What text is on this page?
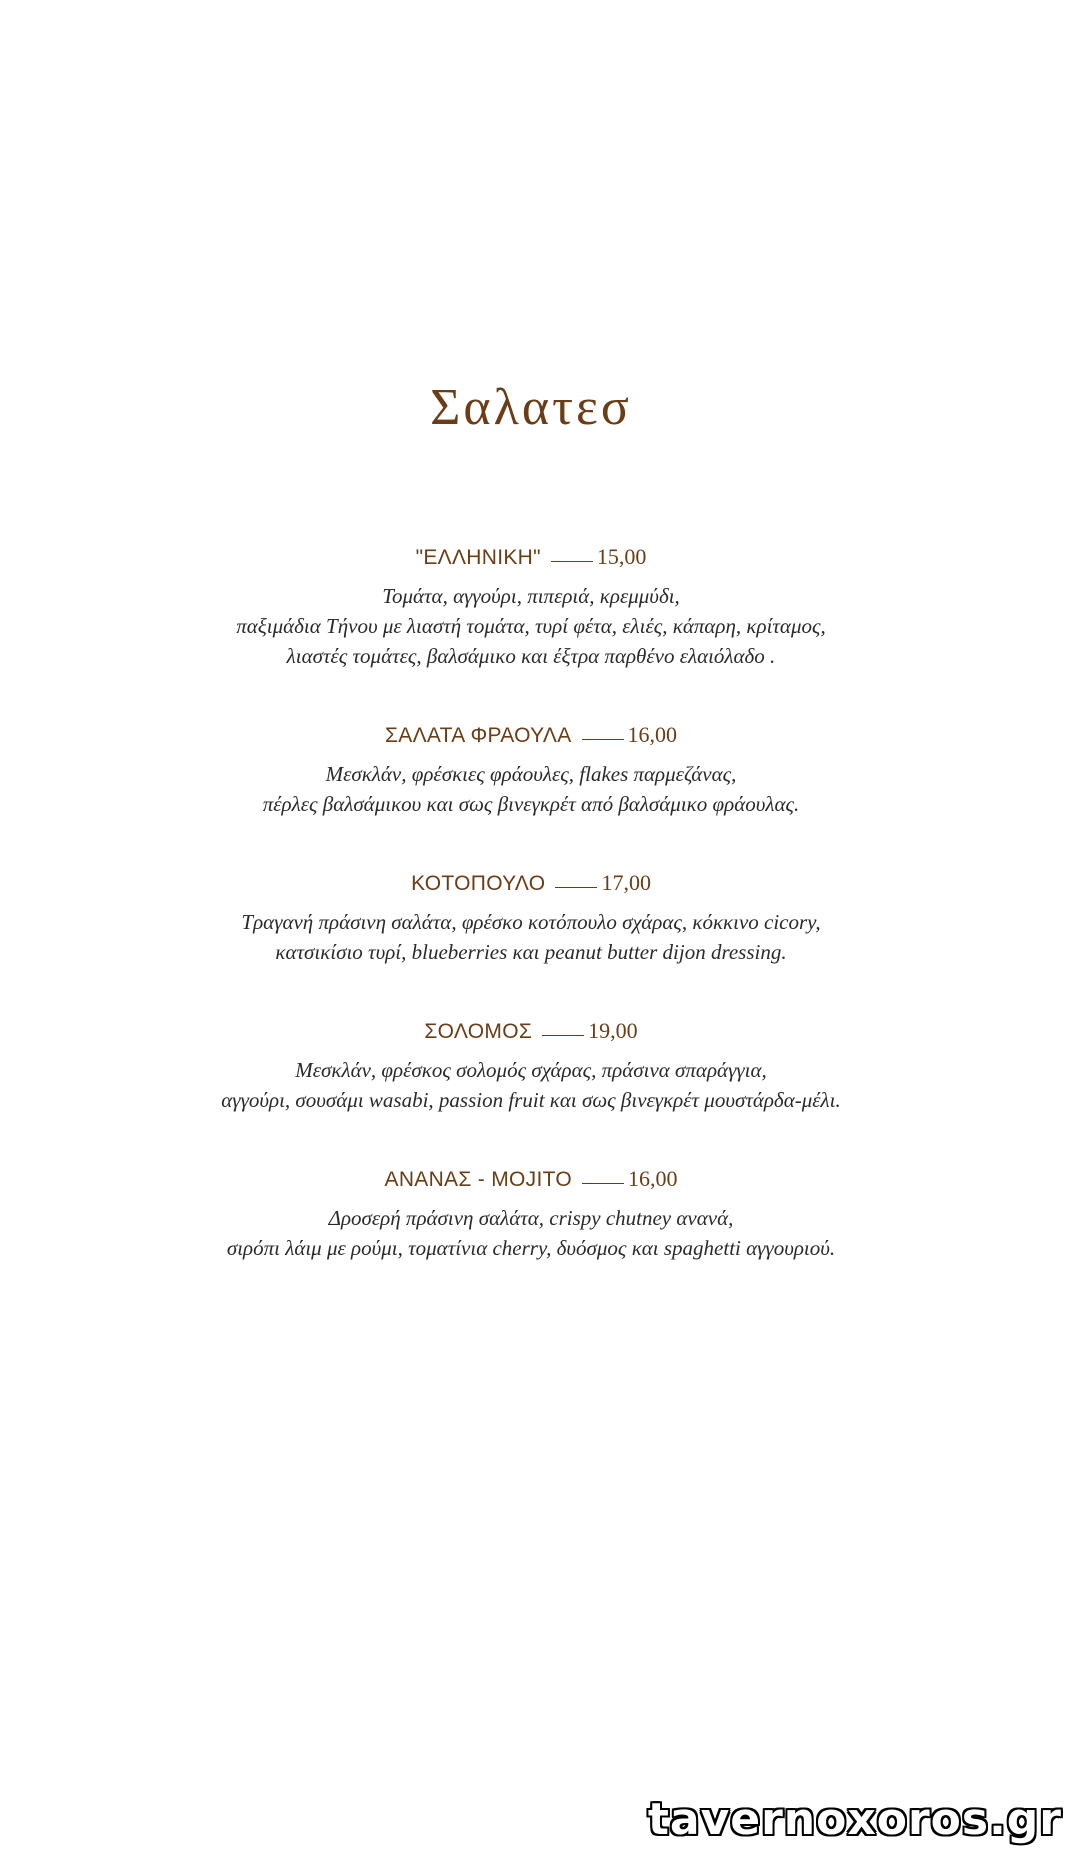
Σαλατεσ
"ΕΛΛΗΝΙΚΗ"	15,00
Τομάτα, αγγούρι, πιπεριά, κρεμμύδι,
παξιμάδια Τήνου με λιαστή τομάτα, τυρί φέτα, ελιές, κάπαρη, κρίταμος,
λιαστές τομάτες, βαλσάμικο και έξτρα παρθένο ελαιόλαδο .
ΣΑΛΑΤΑ ΦΡΑΟΥΛΑ	16,00
Μεσκλάν, φρέσκιες φράουλες, flakes παρμεζάνας,
πέρλες βαλσάμικου και σως βινεγκρέτ από βαλσάμικο φράουλας.
ΚΟΤΟΠΟΥΛΟ	17,00
Τραγανή πράσινη σαλάτα, φρέσκο κοτόπουλο σχάρας, κόκκινο cicory,
κατσικίσιο τυρί, blueberries και peanut butter dijon dressing.
ΣΟΛΟΜΟΣ	19,00
Μεσκλάν, φρέσκος σολομός σχάρας, πράσινα σπαράγγια,
αγγούρι, σουσάμι wasabi, passion fruit και σως βινεγκρέτ μουστάρδα-μέλι.
ΑΝΑΝΑΣ - ΜΟJΙΤΟ	16,00
Δροσερή πράσινη σαλάτα, crispy chutney ανανά,
σιρόπι λάιμ με ρούμι, τοματίνια cherry, δυόσμος και spaghetti αγγουριού.
tavernoxoros.gr
